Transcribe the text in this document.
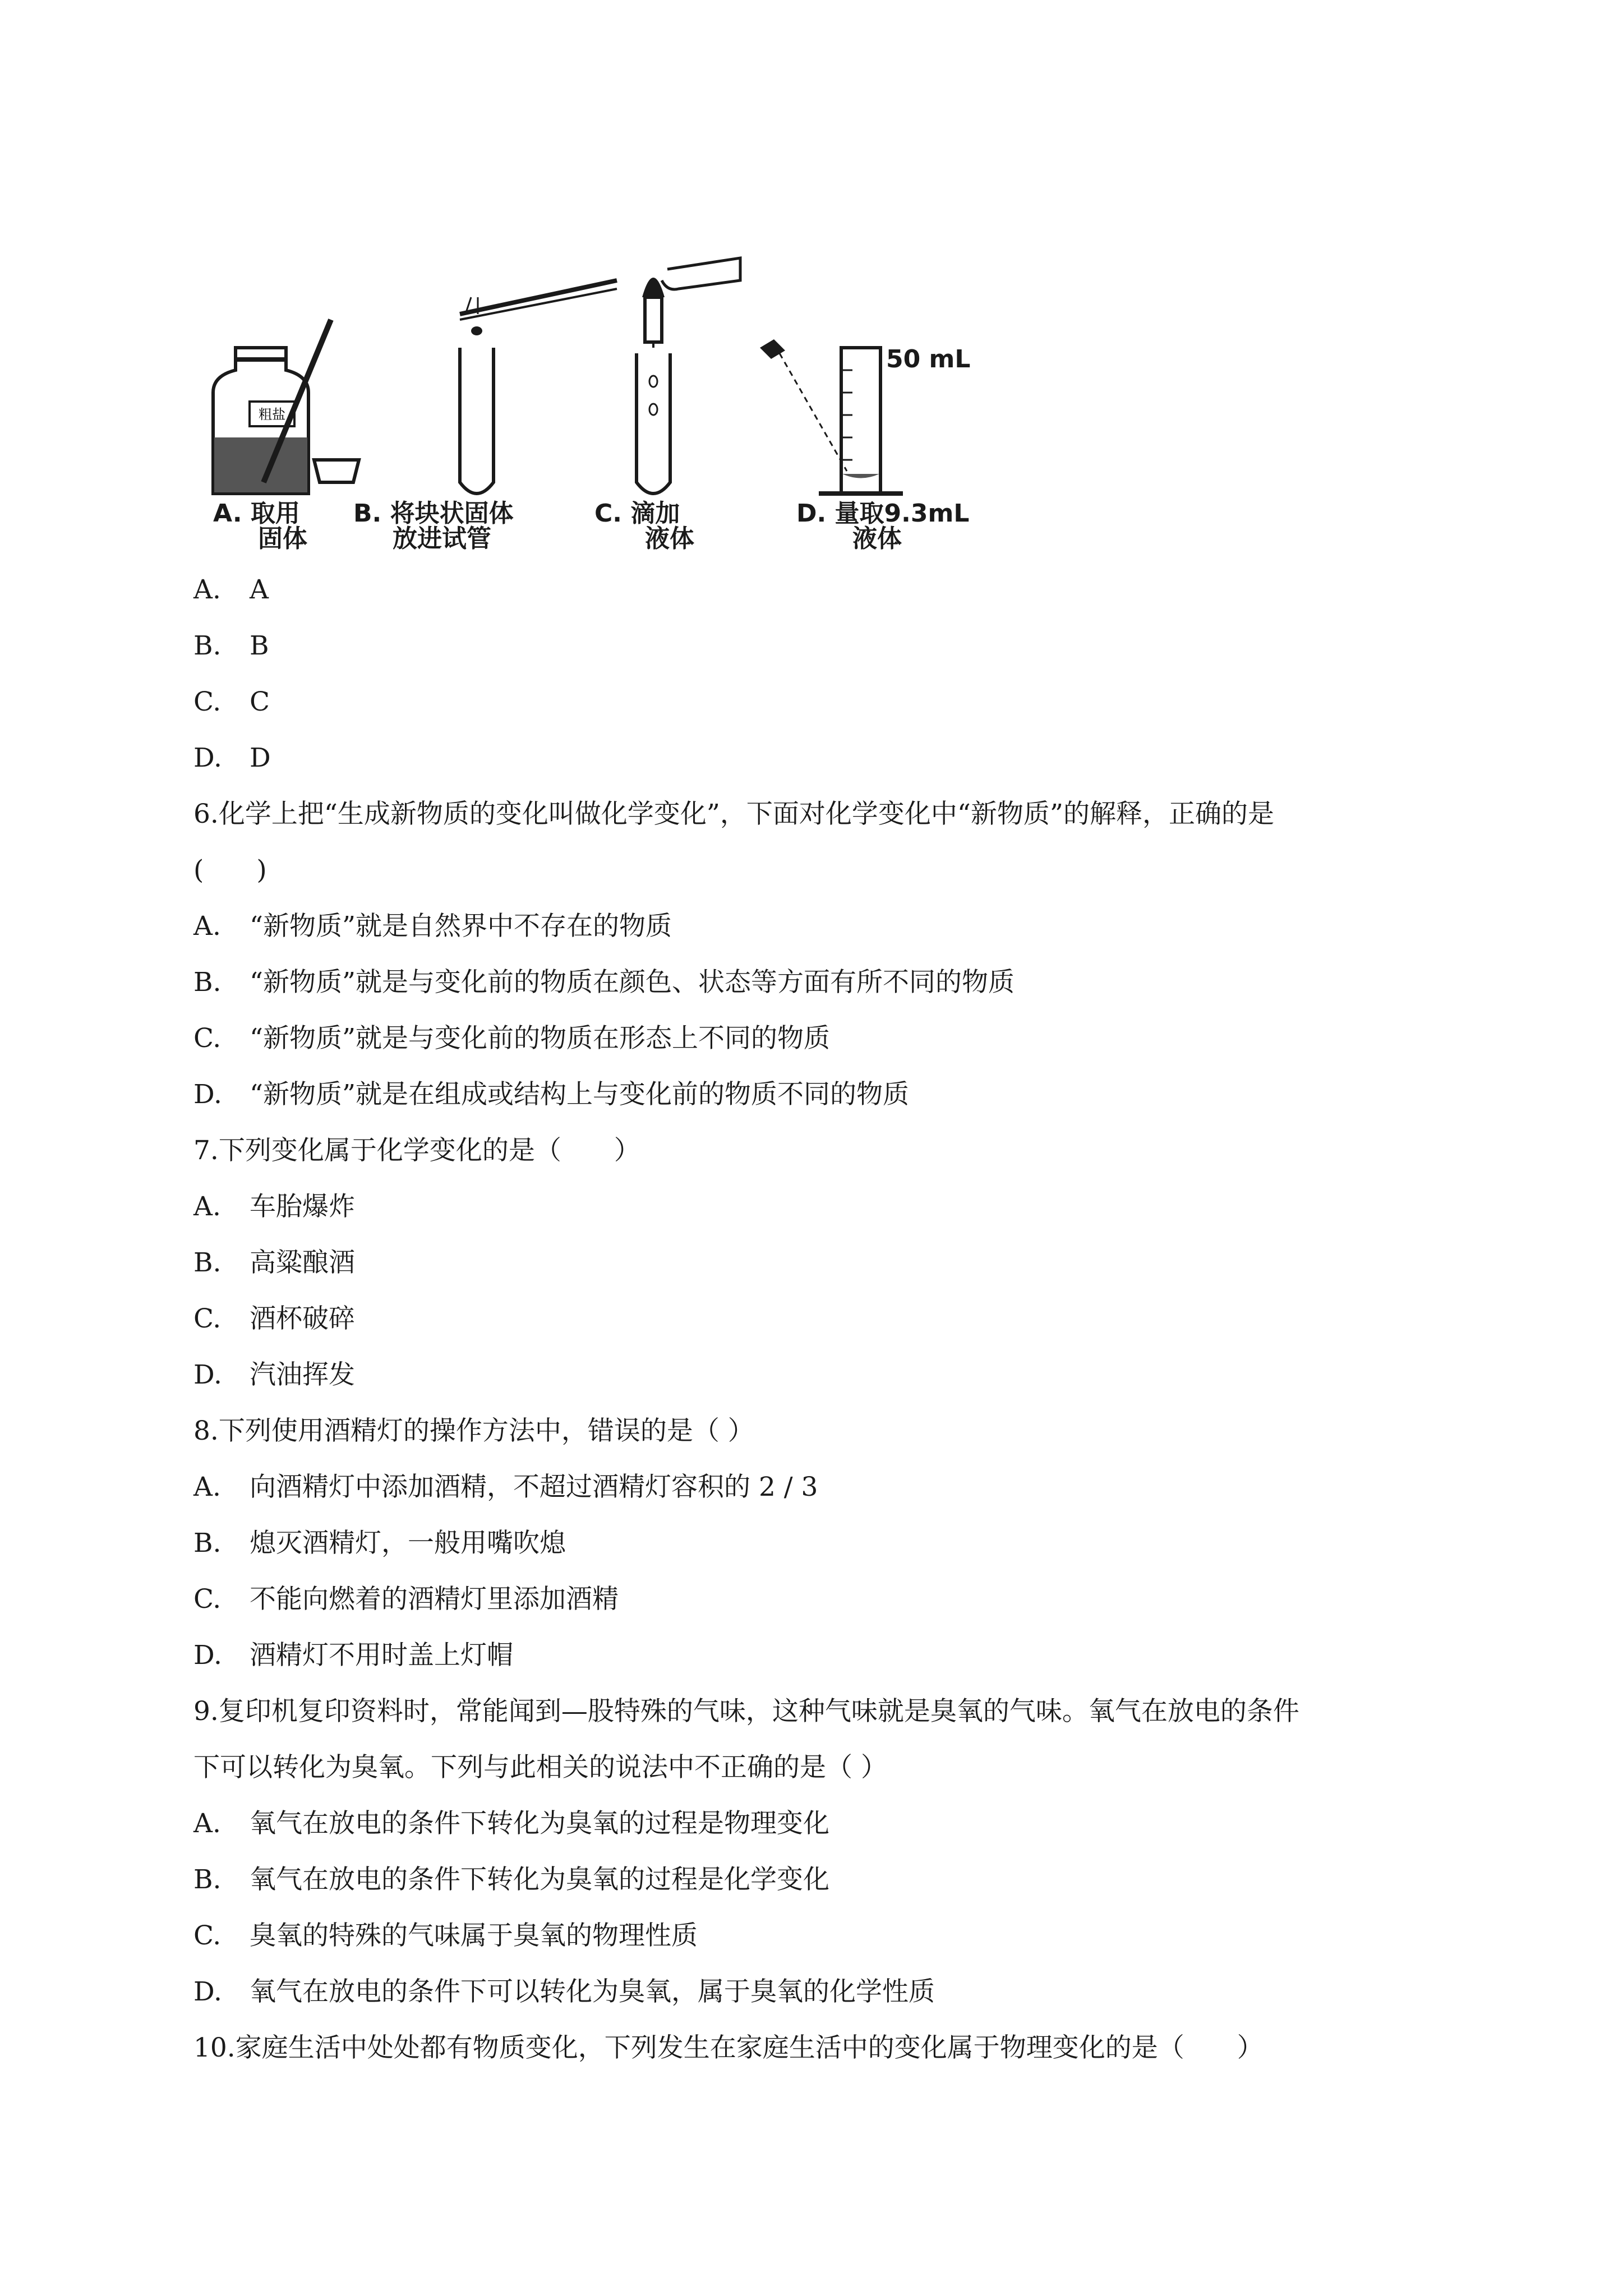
粗盐
50 mL
A. 取用
固体
B. 将块状固体
放进试管
C. 滴加
液体
D. 量取9.3mL
液体
A. A
B. B
C. C
D. D
6.化学上把“生成新物质的变化叫做化学变化”，下面对化学变化中“新物质”的解释，正确的是
(　　)
A. “新物质”就是自然界中不存在的物质
B. “新物质”就是与变化前的物质在颜色、状态等方面有所不同的物质
C. “新物质”就是与变化前的物质在形态上不同的物质
D. “新物质”就是在组成或结构上与变化前的物质不同的物质
7.下列变化属于化学变化的是（　　）
A. 车胎爆炸
B. 高粱酿酒
C. 酒杯破碎
D. 汽油挥发
8.下列使用酒精灯的操作方法中，错误的是（ ）
A. 向酒精灯中添加酒精，不超过酒精灯容积的 2 / 3
B. 熄灭酒精灯，一般用嘴吹熄
C. 不能向燃着的酒精灯里添加酒精
D. 酒精灯不用时盖上灯帽
9.复印机复印资料时，常能闻到—股特殊的气味，这种气味就是臭氧的气味。氧气在放电的条件
下可以转化为臭氧。下列与此相关的说法中不正确的是（ ）
A. 氧气在放电的条件下转化为臭氧的过程是物理变化
B. 氧气在放电的条件下转化为臭氧的过程是化学变化
C. 臭氧的特殊的气味属于臭氧的物理性质
D. 氧气在放电的条件下可以转化为臭氧，属于臭氧的化学性质
10.家庭生活中处处都有物质变化，下列发生在家庭生活中的变化属于物理变化的是（　　）
